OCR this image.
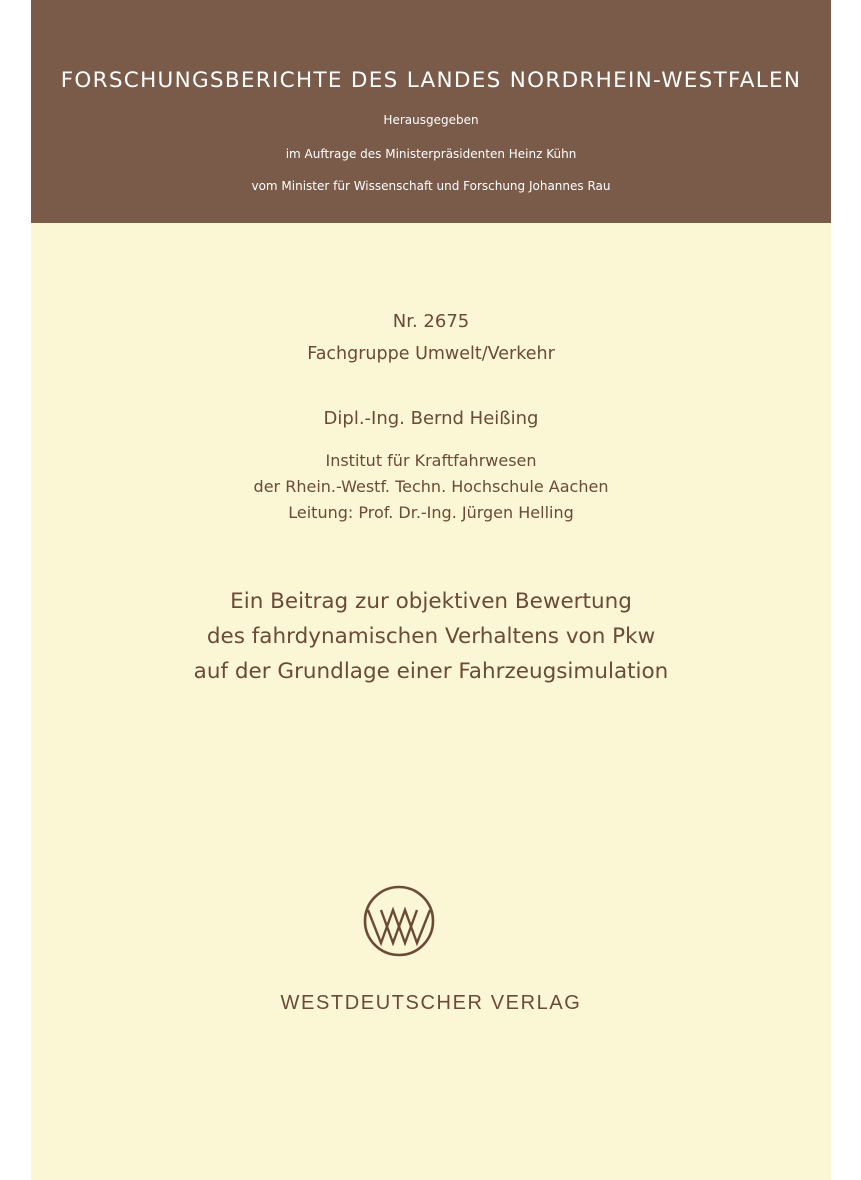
FORSCHUNGSBERICHTE DES LANDES NORDRHEIN-WESTFALEN
Herausgegeben
im Auftrage des Ministerpräsidenten Heinz Kühn
vom Minister für Wissenschaft und Forschung Johannes Rau
Nr. 2675
Fachgruppe Umwelt/Verkehr
Dipl.-Ing. Bernd Heißing
Institut für Kraftfahrwesen
der Rhein.-Westf. Techn. Hochschule Aachen
Leitung: Prof. Dr.-Ing. Jürgen Helling
Ein Beitrag zur objektiven Bewertung
des fahrdynamischen Verhaltens von Pkw
auf der Grundlage einer Fahrzeugsimulation
WESTDEUTSCHER VERLAG
